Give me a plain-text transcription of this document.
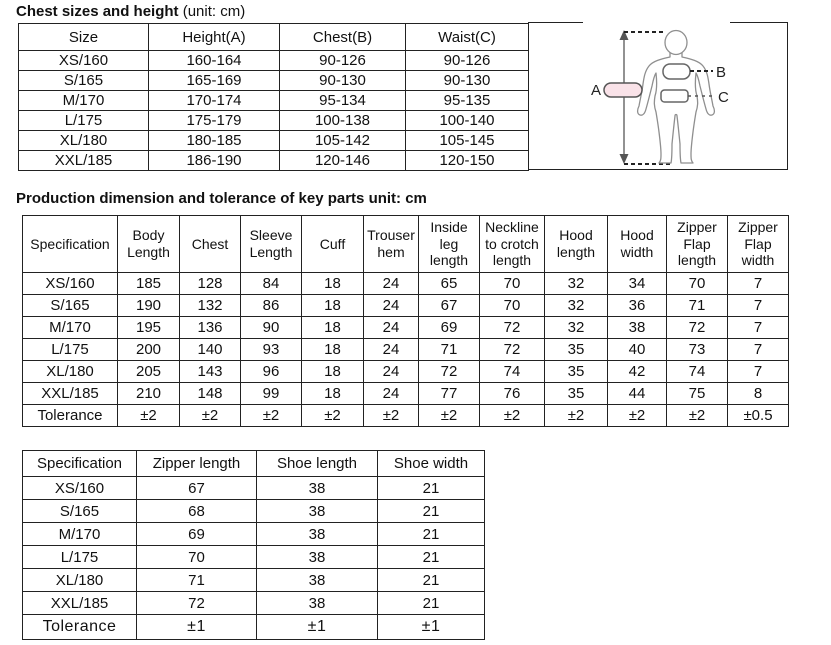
Chest sizes and height (unit: cm)
Size	Height(A)	Chest(B)	Waist(C)
XS/160	160-164	90-126	90-126
S/165	165-169	90-130	90-130
M/170	170-174	95-134	95-135
L/175	175-179	100-138	100-140
XL/180	180-185	105-142	105-145
XXL/185	186-190	120-146	120-150
A
B
C
Production dimension and tolerance of key parts unit: cm
Specification	Body Length	Chest	Sleeve Length	Cuff	Trouser hem	Inside leg length	Neckline to crotch length	Hood length	Hood width	Zipper Flap length	Zipper Flap width
XS/160	185	128	84	18	24	65	70	32	34	70	7
S/165	190	132	86	18	24	67	70	32	36	71	7
M/170	195	136	90	18	24	69	72	32	38	72	7
L/175	200	140	93	18	24	71	72	35	40	73	7
XL/180	205	143	96	18	24	72	74	35	42	74	7
XXL/185	210	148	99	18	24	77	76	35	44	75	8
Tolerance	±2	±2	±2	±2	±2	±2	±2	±2	±2	±2	±0.5
Specification	Zipper length	Shoe length	Shoe width
XS/160	67	38	21
S/165	68	38	21
M/170	69	38	21
L/175	70	38	21
XL/180	71	38	21
XXL/185	72	38	21
Tolerance	±1	±1	±1
